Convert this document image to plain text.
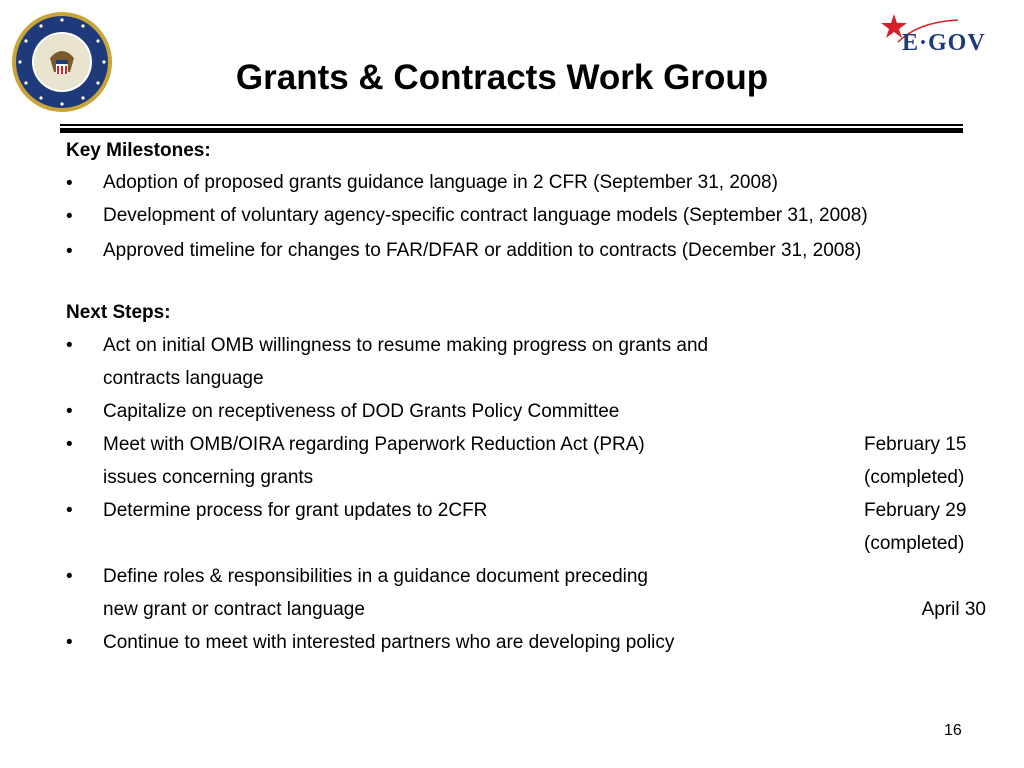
E·GOV
Grants & Contracts Work Group
Key Milestones:
• Adoption of proposed grants guidance language in 2 CFR (September 31, 2008)
• Development of voluntary agency-specific contract language models (September 31, 2008)
• Approved timeline for changes to FAR/DFAR or addition to contracts (December 31, 2008)
Next Steps:
• Act on initial OMB willingness to resume making progress on grants and
contracts language
• Capitalize on receptiveness of DOD Grants Policy Committee
• Meet with OMB/OIRA regarding Paperwork Reduction Act (PRA)	February 15
issues concerning grants	(completed)
• Determine process for grant updates to 2CFR	February 29
(completed)
• Define roles & responsibilities in a guidance document preceding
new grant or contract language	April 30
• Continue to meet with interested partners who are developing policy
16
